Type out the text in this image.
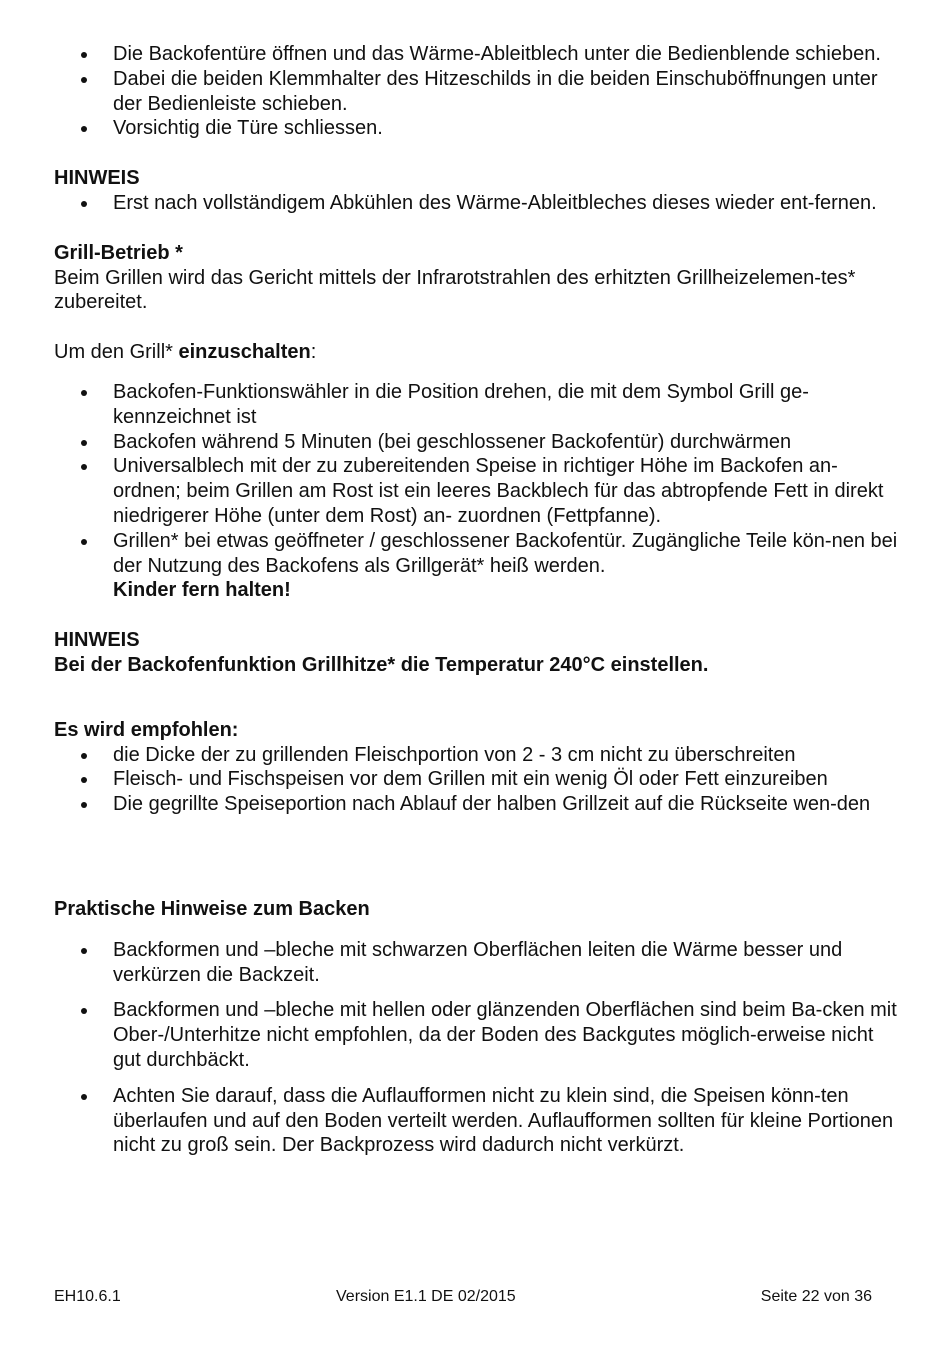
Die Backofentüre öffnen und das Wärme-Ableitblech unter die Bedienblende schieben.
Dabei die beiden Klemmhalter des Hitzeschilds in die beiden Einschuböffnungen unter der Bedienleiste schieben.
Vorsichtig die Türe schliessen.

HINWEIS

Erst nach vollständigem Abkühlen des Wärme-Ableitbleches dieses wieder ent-fernen.

Grill-Betrieb *

Beim Grillen wird das Gericht mittels der Infrarotstrahlen des erhitzten Grillheizelemen-tes* zubereitet.

Um den Grill* einzuschalten:

Backofen-Funktionswähler in die Position drehen, die mit dem Symbol Grill ge-kennzeichnet ist
Backofen während 5 Minuten (bei geschlossener Backofentür) durchwärmen
Universalblech mit der zu zubereitenden Speise in richtiger Höhe im Backofen an-ordnen; beim Grillen am Rost ist ein leeres Backblech für das abtropfende Fett in direkt niedrigerer Höhe (unter dem Rost) an- zuordnen (Fettpfanne).
Grillen* bei etwas geöffneter / geschlossener Backofentür. Zugängliche Teile kön-nen bei der Nutzung des Backofens als Grillgerät* heiß werden.
Kinder fern halten!

HINWEIS

Bei der Backofenfunktion Grillhitze* die Temperatur 240°C einstellen.

Es wird empfohlen:

die Dicke der zu grillenden Fleischportion von 2 - 3 cm nicht zu überschreiten
Fleisch- und Fischspeisen vor dem Grillen mit ein wenig Öl oder Fett einzureiben
Die gegrillte Speiseportion nach Ablauf der halben Grillzeit auf die Rückseite wen-den

Praktische Hinweise zum Backen

Backformen und –bleche mit schwarzen Oberflächen leiten die Wärme besser und verkürzen die Backzeit.
Backformen und –bleche mit hellen oder glänzenden Oberflächen sind beim Ba-cken mit Ober-/Unterhitze nicht empfohlen, da der Boden des Backgutes möglich-erweise nicht gut durchbäckt.
Achten Sie darauf, dass die Auflaufformen nicht zu klein sind, die Speisen könn-ten überlaufen und auf den Boden verteilt werden. Auflaufformen sollten für kleine Portionen nicht zu groß sein. Der Backprozess wird dadurch nicht verkürzt.
EH10.6.1	Version E1.1 DE 02/2015	Seite 22 von 36
